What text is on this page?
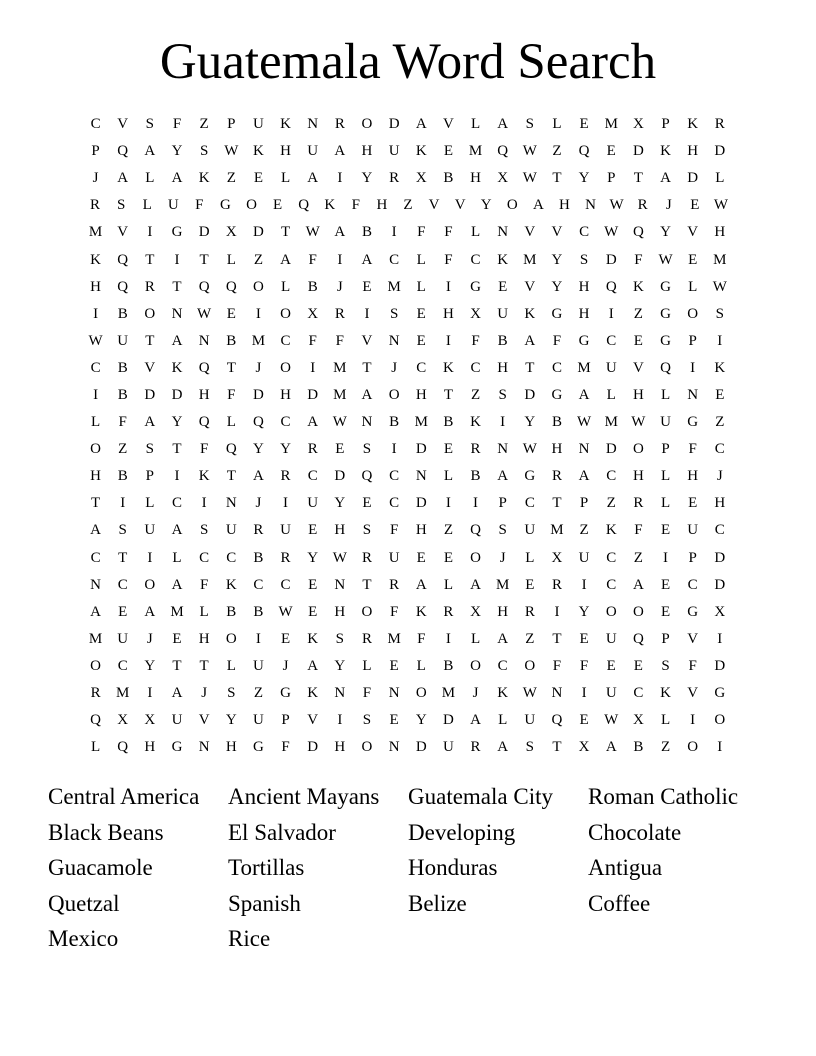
Guatemala Word Search
C	V	S	F	Z	P	U	K	N	R	O	D	A	V	L	A	S	L	E	M	X	P	K	R
P	Q	A	Y	S	W K	H	U	A	H	U	K	E	M	Q W	Z	Q	E	D	K	H	D
J	A	L	A	K	Z	E	L	A	I	Y	R	X	B	H	X W	T	Y	P	T	A	D	L
R	S	L	U	F	G	O	E	Q	K	F	H	Z	V	V	Y	O	A	H	N W R	J	E W
M	V	I	G	D	X	D	T	W A	B	I	F	F	L	N	V	V	C	W Q	Y	V	H
K	Q	T	I	T	L	Z	A	F	I	A	C	L	F	C	K	M	Y	S	D	F	W	E	M
H	Q	R	T	Q	Q	O	L	B	J	E	M	L	I	G	E	V	Y	H	Q	K	G	L	W
I	B	O	N W	E	I	O	X	R	I	S	E	H	X	U	K	G	H	I	Z	G	O	S
W U	T	A	N	B	M	C	F	F	V	N	E	I	F	B	A	F	G	C	E	G	P	I
C	B	V	K	Q	T	J	O	I	M	T	J	C	K	C	H	T	C	M	U	V	Q	I	K
I	B	D	D	H	F	D	H	D	M	A	O	H	T	Z	S	D	G	A	L	H	L	N	E
L	F	A	Y	Q	L	Q	C	A W N	B	M	B	K	I	Y	B	W M W U	G	Z
O	Z	S	T	F	Q	Y	Y	R	E	S	I	D	E	R	N W H	N	D	O	P	F	C
H	B	P	I	K	T	A	R	C	D	Q	C	N	L	B	A	G	R	A	C	H	L	H	J
T	I	L	C	I	N	J	I	U	Y	E	C	D	I	I	P	C	T	P	Z	R	L	E	H
A	S	U	A	S	U	R	U	E	H	S	F	H	Z	Q	S	U	M	Z	K	F	E	U	C
C	T	I	L	C	C	B	R	Y W	R	U	E	E	O	J	L	X	U	C	Z	I	P	D
N	C	O	A	F	K	C	C	E	N	T	R	A	L	A	M	E	R	I	C	A	E	C	D
A	E	A	M	L	B	B	W	E	H	O	F	K	R	X	H	R	I	Y	O	O	E	G	X
M	U	J	E	H	O	I	E	K	S	R	M	F	I	L	A	Z	T	E	U	Q	P	V	I
O	C	Y	T	T	L	U	J	A	Y	L	E	L	B	O	C	O	F	F	E	E	S	F	D
R	M	I	A	J	S	Z	G	K	N	F	N	O	M	J	K W N	I	U	C	K	V	G
Q	X	X	U	V	Y	U	P	V	I	S	E	Y	D	A	L	U	Q	E	W X	L	I	O
L	Q	H	G	N	H	G	F	D	H	O	N	D	U	R	A	S	T	X	A	B	Z	O	I
Central America	Ancient Mayans	Guatemala City	Roman Catholic
Black Beans	El Salvador	Developing	Chocolate
Guacamole	Tortillas	Honduras	Antigua
Quetzal	Spanish	Belize	Coffee
Mexico	Rice
